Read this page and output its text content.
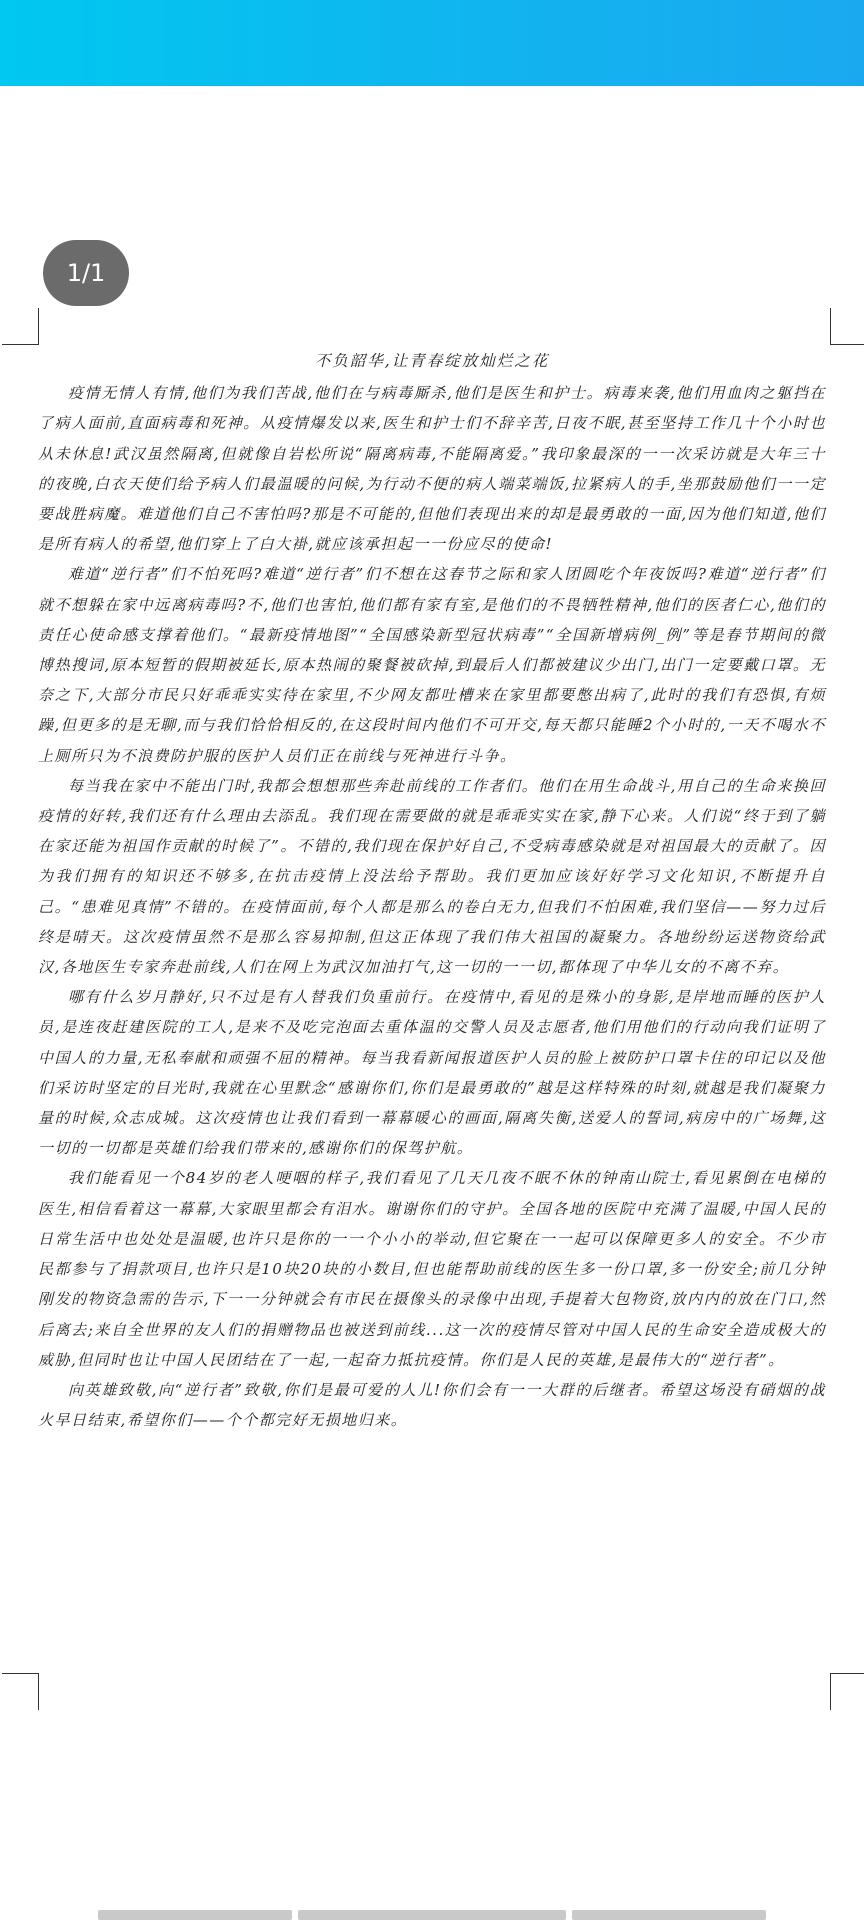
1/1
不负韶华,让青春绽放灿烂之花

疫情无情人有情,他们为我们苦战,他们在与病毒厮杀,他们是医生和护士。病毒来袭,他们用血肉之躯挡在了病人面前,直面病毒和死神。从疫情爆发以来,医生和护士们不辞辛苦,日夜不眠,甚至坚持工作几十个小时也从未休息!武汉虽然隔离,但就像自岩松所说“隔离病毒,不能隔离爱。”我印象最深的一一次采访就是大年三十的夜晚,白衣天使们给予病人们最温暖的问候,为行动不便的病人端菜端饭,拉紧病人的手,坐那鼓励他们一一定要战胜病魔。难道他们自己不害怕吗?那是不可能的,但他们表现出来的却是最勇敢的一面,因为他们知道,他们是所有病人的希望,他们穿上了白大褂,就应该承担起一一份应尽的使命!

难道“逆行者”们不怕死吗?难道“逆行者”们不想在这春节之际和家人团圆吃个年夜饭吗?难道“逆行者”们就不想躲在家中远离病毒吗?不,他们也害怕,他们都有家有室,是他们的不畏牺牲精神,他们的医者仁心,他们的责任心使命感支撑着他们。“最新疫情地图”“全国感染新型冠状病毒”“全国新增病例_例”等是春节期间的微博热搜词,原本短暂的假期被延长,原本热闹的聚餐被砍掉,到最后人们都被建议少出门,出门一定要戴口罩。无奈之下,大部分市民只好乖乖实实待在家里,不少网友都吐槽来在家里都要憋出病了,此时的我们有恐惧,有烦躁,但更多的是无聊,而与我们恰恰相反的,在这段时间内他们不可开交,每天都只能睡2个小时的,一天不喝水不上厕所只为不浪费防护服的医护人员们正在前线与死神进行斗争。

每当我在家中不能出门时,我都会想想那些奔赴前线的工作者们。他们在用生命战斗,用自己的生命来换回疫情的好转,我们还有什么理由去添乱。我们现在需要做的就是乖乖实实在家,静下心来。人们说“终于到了躺在家还能为祖国作贡献的时候了”。不错的,我们现在保护好自己,不受病毒感染就是对祖国最大的贡献了。因为我们拥有的知识还不够多,在抗击疫情上没法给予帮助。我们更加应该好好学习文化知识,不断提升自己。“患难见真情”不错的。在疫情面前,每个人都是那么的卷白无力,但我们不怕困难,我们坚信——努力过后终是晴天。这次疫情虽然不是那么容易抑制,但这正体现了我们伟大祖国的凝聚力。各地纷纷运送物资给武汉,各地医生专家奔赴前线,人们在网上为武汉加油打气,这一切的一一切,都体现了中华儿女的不离不弃。

哪有什么岁月静好,只不过是有人替我们负重前行。在疫情中,看见的是殊小的身影,是岸地而睡的医护人员,是连夜赶建医院的工人,是来不及吃完泡面去重体温的交警人员及志愿者,他们用他们的行动向我们证明了中国人的力量,无私奉献和顽强不屈的精神。每当我看新闻报道医护人员的脸上被防护口罩卡住的印记以及他们采访时坚定的目光时,我就在心里默念“感谢你们,你们是最勇敢的”越是这样特殊的时刻,就越是我们凝聚力量的时候,众志成城。这次疫情也让我们看到一幕幕暖心的画面,隔离失衡,送爱人的誓词,病房中的广场舞,这一切的一切都是英雄们给我们带来的,感谢你们的保驾护航。

我们能看见一个84岁的老人哽咽的样子,我们看见了几天几夜不眠不休的钟南山院士,看见累倒在电梯的医生,相信看着这一幕幕,大家眼里都会有泪水。谢谢你们的守护。全国各地的医院中充满了温暖,中国人民的日常生活中也处处是温暖,也许只是你的一一个小小的举动,但它聚在一一起可以保障更多人的安全。不少市民都参与了捐款项目,也许只是10块20块的小数目,但也能帮助前线的医生多一份口罩,多一份安全;前几分钟刚发的物资急需的告示,下一一分钟就会有市民在摄像头的录像中出现,手提着大包物资,放内内的放在门口,然后离去;来自全世界的友人们的捐赠物品也被送到前线...这一次的疫情尽管对中国人民的生命安全造成极大的威胁,但同时也让中国人民团结在了一起,一起奋力抵抗疫情。你们是人民的英雄,是最伟大的“逆行者”。

向英雄致敬,向“逆行者”致敬,你们是最可爱的人儿!你们会有一一大群的后继者。希望这场没有硝烟的战火早日结束,希望你们——个个都完好无损地归来。
